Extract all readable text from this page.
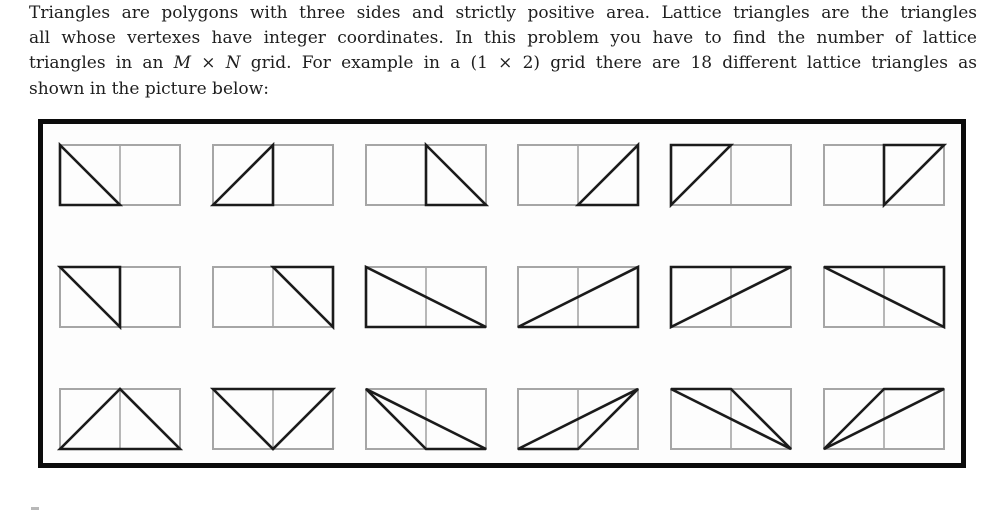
Triangles are polygons with three sides and strictly positive area. Lattice triangles are the triangles
all whose vertexes have integer coordinates. In this problem you have to find the number of lattice
triangles in an M × N grid. For example in a (1 × 2) grid there are 18 different lattice triangles as
shown in the picture below:
